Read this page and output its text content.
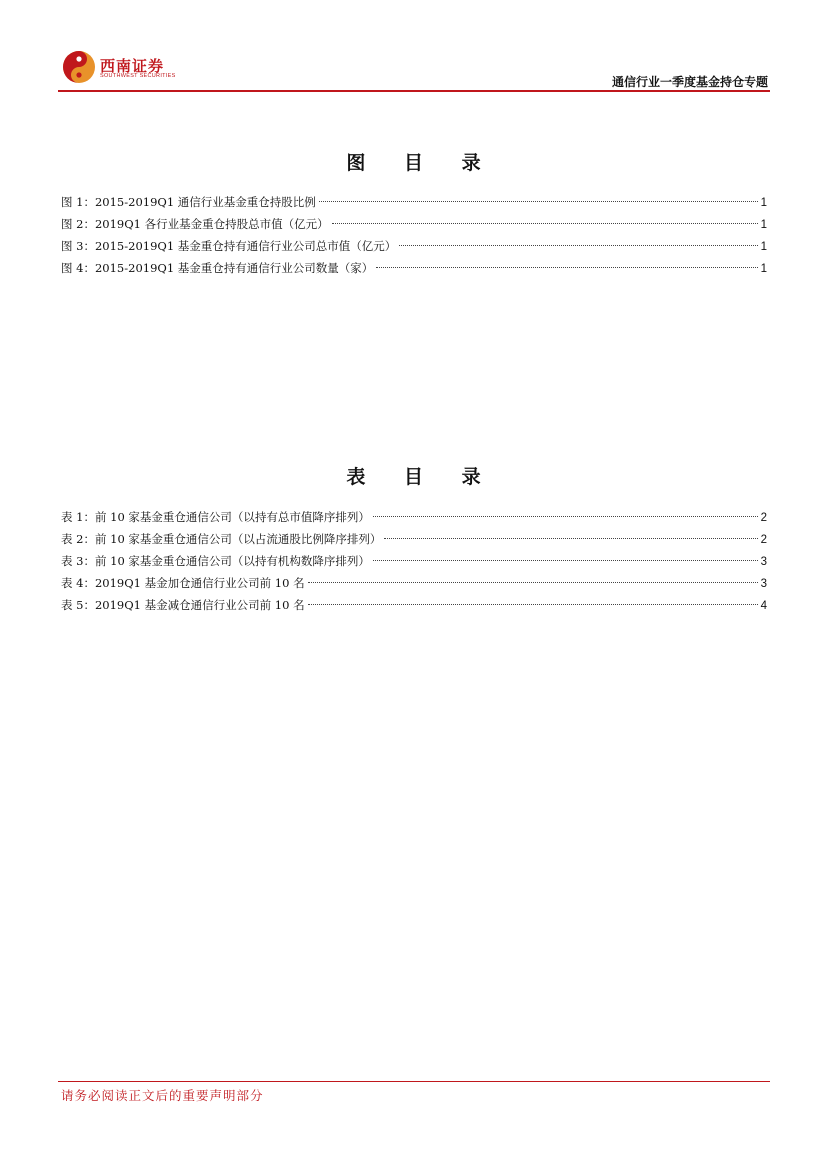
西南证券
SOUTHWEST SECURITIES	通信行业一季度基金持仓专题
图 目 录
图 1：2015-2019Q1 通信行业基金重仓持股比例	1
图 2：2019Q1 各行业基金重仓持股总市值（亿元）	1
图 3：2015-2019Q1 基金重仓持有通信行业公司总市值（亿元）	1
图 4：2015-2019Q1 基金重仓持有通信行业公司数量（家）	1
表 目 录
表 1：前 10 家基金重仓通信公司（以持有总市值降序排列）	2
表 2：前 10 家基金重仓通信公司（以占流通股比例降序排列）	2
表 3：前 10 家基金重仓通信公司（以持有机构数降序排列）	3
表 4：2019Q1 基金加仓通信行业公司前 10 名	3
表 5：2019Q1 基金减仓通信行业公司前 10 名	4
请务必阅读正文后的重要声明部分
